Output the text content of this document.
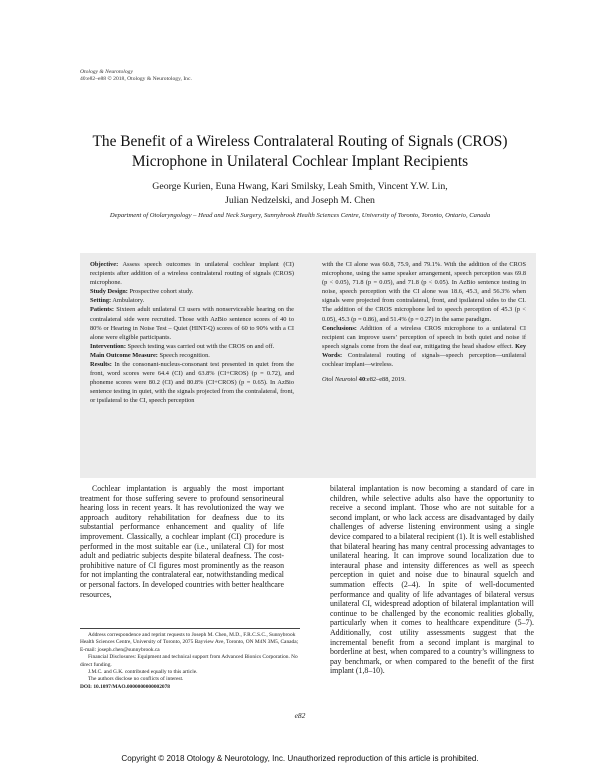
Otology & Neurotology
40:e82–e88 © 2018, Otology & Neurotology, Inc.
The Benefit of a Wireless Contralateral Routing of Signals (CROS)
Microphone in Unilateral Cochlear Implant Recipients
George Kurien, Euna Hwang, Kari Smilsky, Leah Smith, Vincent Y.W. Lin,
Julian Nedzelski, and Joseph M. Chen
Department of Otolaryngology – Head and Neck Surgery, Sunnybrook Health Sciences Centre, University of Toronto, Toronto, Ontario, Canada

Objective: Assess speech outcomes in unilateral cochlear implant (CI) recipients after addition of a wireless contralateral routing of signals (CROS) microphone.

Study Design: Prospective cohort study.

Setting: Ambulatory.

Patients: Sixteen adult unilateral CI users with nonserviceable hearing on the contralateral side were recruited. Those with AzBio sentence scores of 40 to 80% or Hearing in Noise Test – Quiet (HINT-Q) scores of 60 to 90% with a CI alone were eligible participants.

Intervention: Speech testing was carried out with the CROS on and off.

Main Outcome Measure: Speech recognition.

Results: In the consonant-nucleus-consonant test presented in quiet from the front, word scores were 64.4 (CI) and 63.8% (CI+CROS) (p = 0.72), and phoneme scores were 80.2 (CI) and 80.8% (CI+CROS) (p = 0.65). In AzBio sentence testing in quiet, with the signals projected from the contralateral, front, or ipsilateral to the CI, speech perception

with the CI alone was 60.8, 75.9, and 79.1%. With the addition of the CROS microphone, using the same speaker arrangement, speech perception was 69.8 (p < 0.05), 71.8 (p = 0.05), and 71.8 (p < 0.05). In AzBio sentence testing in noise, speech perception with the CI alone was 18.6, 45.3, and 56.3% when signals were projected from contralateral, front, and ipsilateral sides to the CI. The addition of the CROS microphone led to speech perception of 45.3 (p < 0.05), 45.3 (p = 0.86), and 51.4% (p = 0.27) in the same paradigm.

Conclusions: Addition of a wireless CROS microphone to a unilateral CI recipient can improve users’ perception of speech in both quiet and noise if speech signals come from the deaf ear, mitigating the head shadow effect. Key Words: Contralateral routing of signals—speech perception—unilateral cochlear implant—wireless.

Otol Neurotol 40:e82–e88, 2019.

Cochlear implantation is arguably the most important treatment for those suffering severe to profound sensorineural hearing loss in recent years. It has revolutionized the way we approach auditory rehabilitation for deafness due to its substantial performance enhancement and quality of life improvement. Classically, a cochlear implant (CI) procedure is performed in the most suitable ear (i.e., unilateral CI) for most adult and pediatric subjects despite bilateral deafness. The cost-prohibitive nature of CI figures most prominently as the reason for not implanting the contralateral ear, notwithstanding medical or personal factors. In developed countries with better healthcare resources,

bilateral implantation is now becoming a standard of care in children, while selective adults also have the opportunity to receive a second implant. Those who are not suitable for a second implant, or who lack access are disadvantaged by daily challenges of adverse listening environment using a single device compared to a bilateral recipient (1). It is well established that bilateral hearing has many central processing advantages to unilateral hearing. It can improve sound localization due to interaural phase and intensity differences as well as speech perception in quiet and noise due to binaural squelch and summation effects (2–4). In spite of well-documented performance and quality of life advantages of bilateral versus unilateral CI, widespread adoption of bilateral implantation will continue to be challenged by the economic realities globally, particularly when it comes to healthcare expenditure (5–7). Additionally, cost utility assessments suggest that the incremental benefit from a second implant is marginal to borderline at best, when compared to a country’s willingness to pay benchmark, or when compared to the benefit of the first implant (1,8–10).

Address correspondence and reprint requests to Joseph M. Chen, M.D., F.R.C.S.C., Sunnybrook Health Sciences Centre, University of Toronto, 2075 Bayview Ave, Toronto, ON M4N 3M5, Canada; E-mail: joseph.chen@sunnybrook.ca

Financial Disclosures: Equipment and technical support from Advanced Bionics Corporation. No direct funding.

J.M.C. and G.K. contributed equally to this article.

The authors disclose no conflicts of interest.

DOI: 10.1097/MAO.0000000000002078

e82
Copyright © 2018 Otology & Neurotology, Inc. Unauthorized reproduction of this article is prohibited.
